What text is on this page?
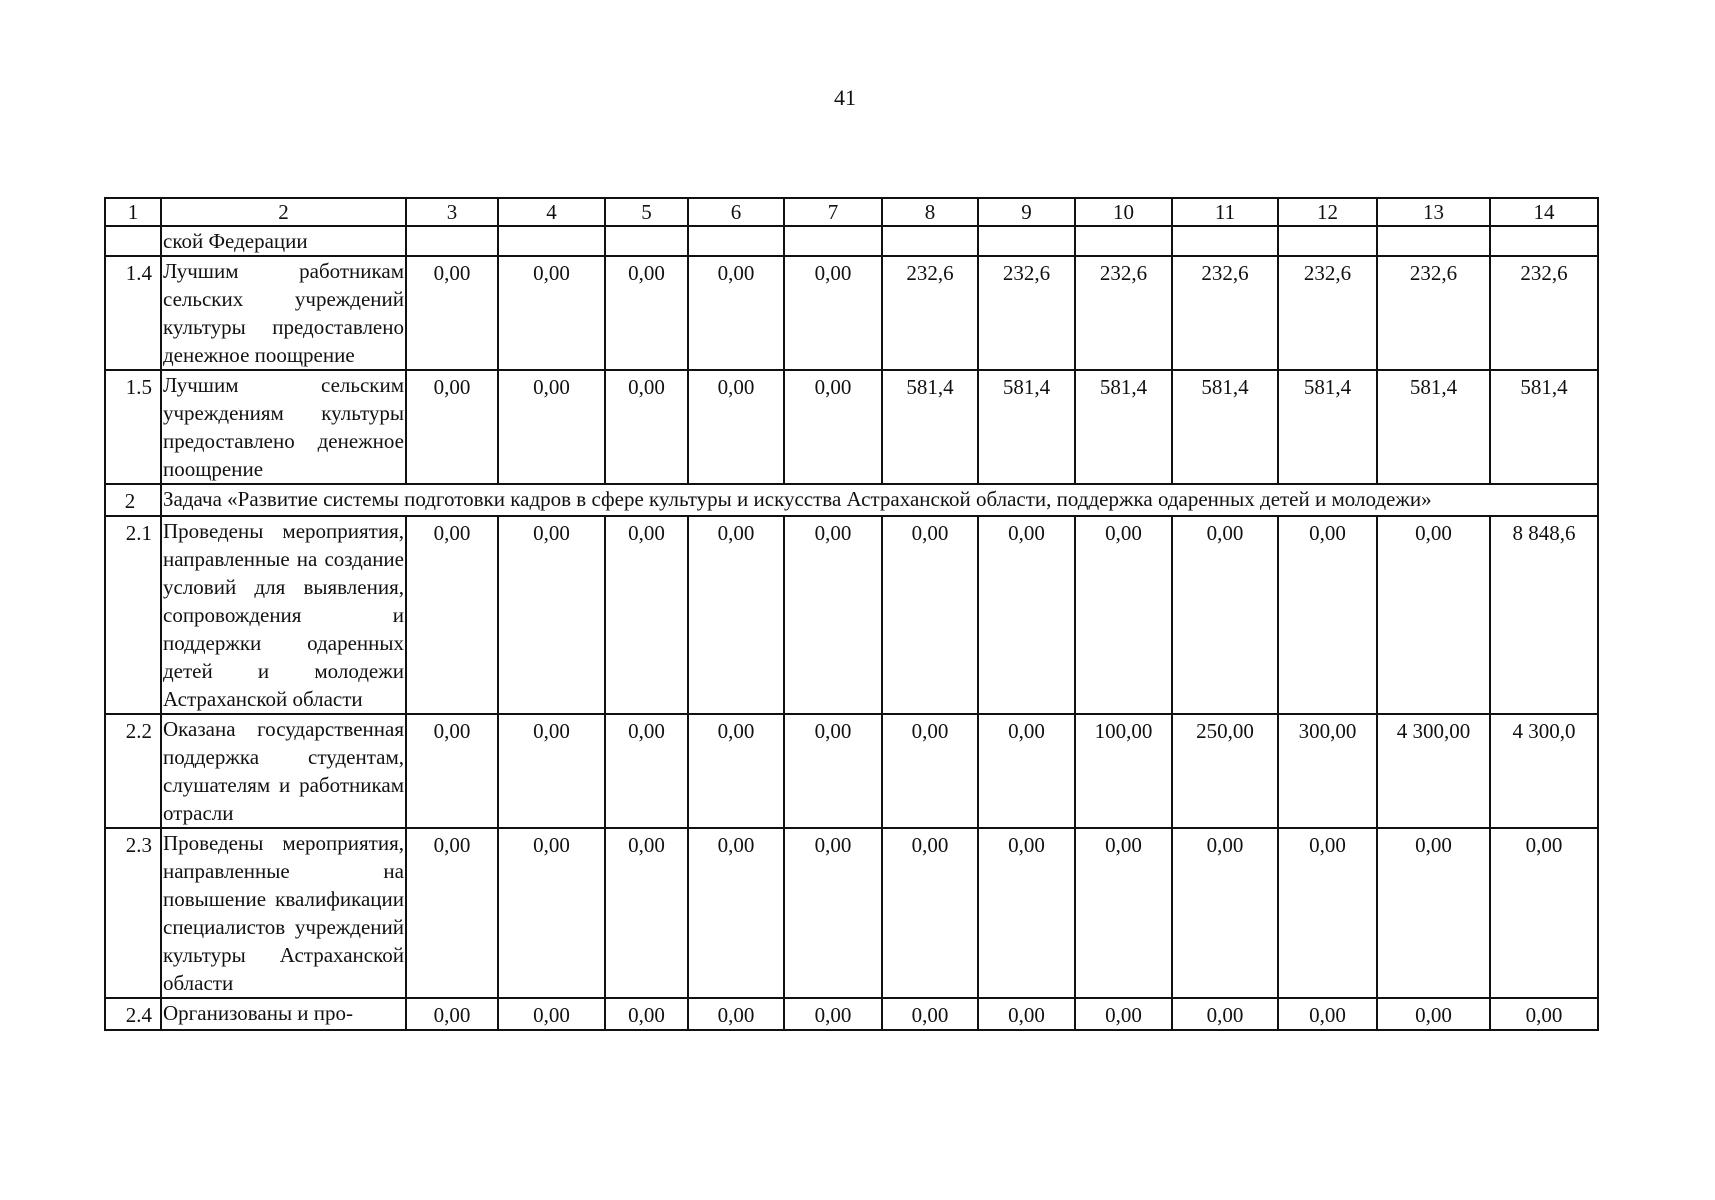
41
1	2	3	4	5	6	7	8	9	10	11	12	13	14
	ской Федерации												
1.4	Лучшим работникам сельских учреждений культуры предоставлено денежное поощрение	0,00	0,00	0,00	0,00	0,00	232,6	232,6	232,6	232,6	232,6	232,6	232,6
1.5	Лучшим сельским учреждениям культуры предоставлено денежное поощрение	0,00	0,00	0,00	0,00	0,00	581,4	581,4	581,4	581,4	581,4	581,4	581,4
2	Задача «Развитие системы подготовки кадров в сфере культуры и искусства Астраханской области, поддержка одаренных детей и молодежи»												
2.1	Проведены мероприятия, направленные на создание условий для выявления, сопровождения и поддержки одаренных детей и молодежи Астраханской области	0,00	0,00	0,00	0,00	0,00	0,00	0,00	0,00	0,00	0,00	0,00	8 848,6
2.2	Оказана государственная поддержка студентам, слушателям и работникам отрасли	0,00	0,00	0,00	0,00	0,00	0,00	0,00	100,00	250,00	300,00	4 300,00	4 300,0
2.3	Проведены мероприятия, направленные на повышение квалификации специалистов учреждений культуры Астраханской области	0,00	0,00	0,00	0,00	0,00	0,00	0,00	0,00	0,00	0,00	0,00	0,00
2.4	Организованы и про-	0,00	0,00	0,00	0,00	0,00	0,00	0,00	0,00	0,00	0,00	0,00	0,00
